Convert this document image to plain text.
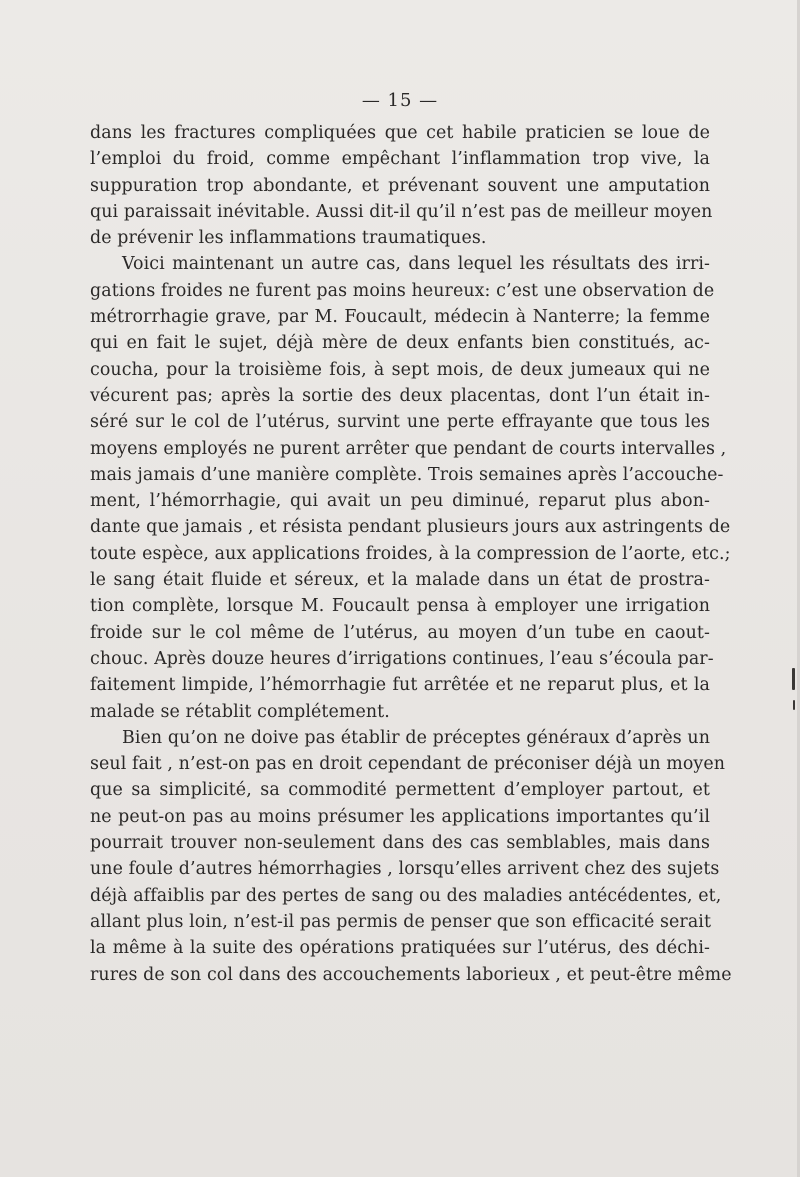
— 15 —
dans les fractures compliquées que cet habile praticien se loue de
l’emploi du froid, comme empêchant l’inflammation trop vive, la
suppuration trop abondante, et prévenant souvent une amputation
qui paraissait inévitable. Aussi dit-il qu’il n’est pas de meilleur moyen
de prévenir les inflammations traumatiques.
Voici maintenant un autre cas, dans lequel les résultats des irri-
gations froides ne furent pas moins heureux: c’est une observation de
métrorrhagie grave, par M. Foucault, médecin à Nanterre; la femme
qui en fait le sujet, déjà mère de deux enfants bien constitués, ac-
coucha, pour la troisième fois, à sept mois, de deux jumeaux qui ne
vécurent pas; après la sortie des deux placentas, dont l’un était in-
séré sur le col de l’utérus, survint une perte effrayante que tous les
moyens employés ne purent arrêter que pendant de courts intervalles ,
mais jamais d’une manière complète. Trois semaines après l’accouche-
ment, l’hémorrhagie, qui avait un peu diminué, reparut plus abon-
dante que jamais , et résista pendant plusieurs jours aux astringents de
toute espèce, aux applications froides, à la compression de l’aorte, etc.;
le sang était fluide et séreux, et la malade dans un état de prostra-
tion complète, lorsque M. Foucault pensa à employer une irrigation
froide sur le col même de l’utérus, au moyen d’un tube en caout-
chouc. Après douze heures d’irrigations continues, l’eau s’écoula par-
faitement limpide, l’hémorrhagie fut arrêtée et ne reparut plus, et la
malade se rétablit complétement.
Bien qu’on ne doive pas établir de préceptes généraux d’après un
seul fait , n’est-on pas en droit cependant de préconiser déjà un moyen
que sa simplicité, sa commodité permettent d’employer partout, et
ne peut-on pas au moins présumer les applications importantes qu’il
pourrait trouver non-seulement dans des cas semblables, mais dans
une foule d’autres hémorrhagies , lorsqu’elles arrivent chez des sujets
déjà affaiblis par des pertes de sang ou des maladies antécédentes, et,
allant plus loin, n’est-il pas permis de penser que son efficacité serait
la même à la suite des opérations pratiquées sur l’utérus, des déchi-
rures de son col dans des accouchements laborieux , et peut-être même
